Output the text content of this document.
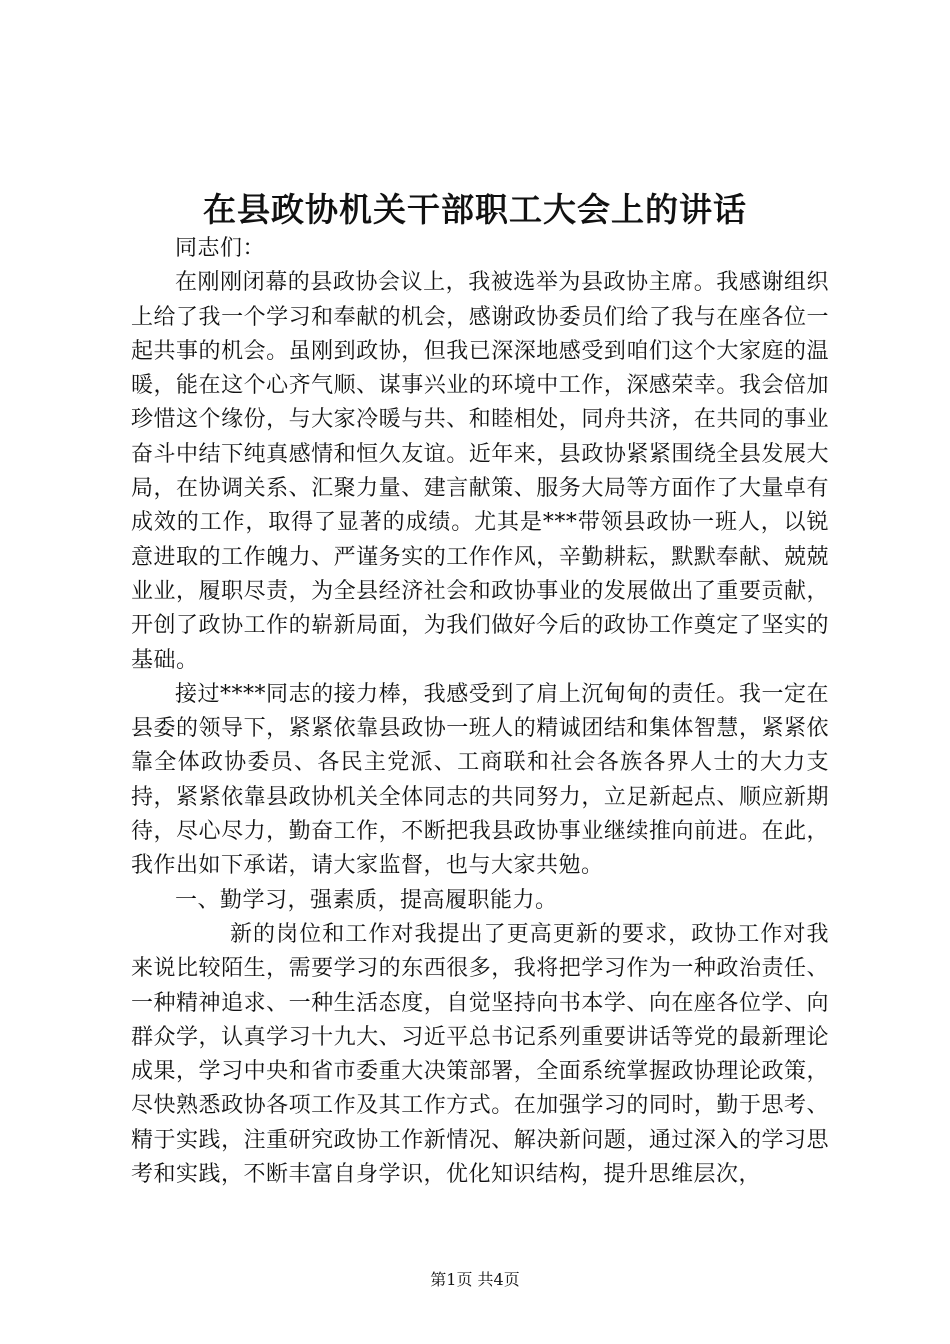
在县政协机关干部职工大会上的讲话

同志们：

在刚刚闭幕的县政协会议上，我被选举为县政协主席。我感谢组织上给了我一个学习和奉献的机会，感谢政协委员们给了我与在座各位一起共事的机会。虽刚到政协，但我已深深地感受到咱们这个大家庭的温暖，能在这个心齐气顺、谋事兴业的环境中工作，深感荣幸。我会倍加珍惜这个缘份，与大家冷暖与共、和睦相处，同舟共济，在共同的事业奋斗中结下纯真感情和恒久友谊。近年来，县政协紧紧围绕全县发展大局，在协调关系、汇聚力量、建言献策、服务大局等方面作了大量卓有成效的工作，取得了显著的成绩。尤其是***带领县政协一班人，以锐意进取的工作魄力、严谨务实的工作作风，辛勤耕耘，默默奉献、兢兢业业，履职尽责，为全县经济社会和政协事业的发展做出了重要贡献，开创了政协工作的崭新局面，为我们做好今后的政协工作奠定了坚实的基础。

接过****同志的接力棒，我感受到了肩上沉甸甸的责任。我一定在县委的领导下，紧紧依靠县政协一班人的精诚团结和集体智慧，紧紧依靠全体政协委员、各民主党派、工商联和社会各族各界人士的大力支持，紧紧依靠县政协机关全体同志的共同努力，立足新起点、顺应新期待，尽心尽力，勤奋工作，不断把我县政协事业继续推向前进。在此，我作出如下承诺，请大家监督，也与大家共勉。

一、勤学习，强素质，提高履职能力。

新的岗位和工作对我提出了更高更新的要求，政协工作对我来说比较陌生，需要学习的东西很多，我将把学习作为一种政治责任、一种精神追求、一种生活态度，自觉坚持向书本学、向在座各位学、向群众学，认真学习十九大、习近平总书记系列重要讲话等党的最新理论成果，学习中央和省市委重大决策部署，全面系统掌握政协理论政策，尽快熟悉政协各项工作及其工作方式。在加强学习的同时，勤于思考、精于实践，注重研究政协工作新情况、解决新问题，通过深入的学习思考和实践，不断丰富自身学识，优化知识结构，提升思维层次，

第1页 共4页
